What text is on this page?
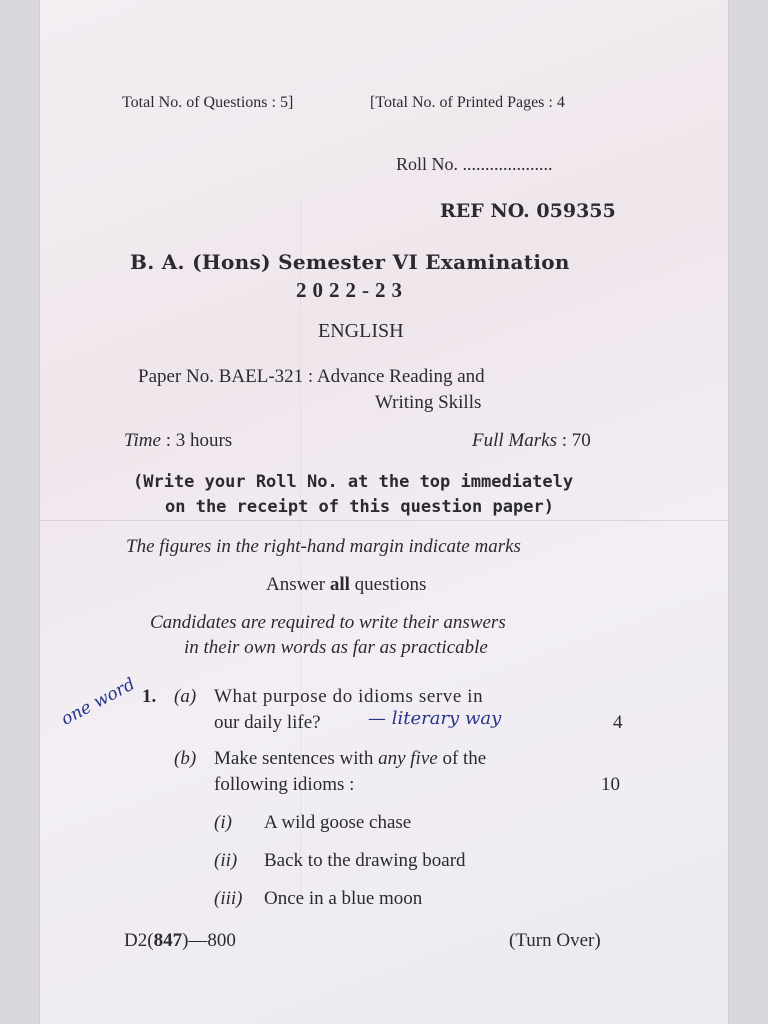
Total No. of Questions : 5]	[Total No. of Printed Pages : 4
Roll No. ....................
REF NO. 059355
B. A. (Hons) Semester VI Examination
2022-23
ENGLISH
Paper No. BAEL-321 : Advance Reading and
Writing Skills
Time : 3 hours	Full Marks : 70
(Write your Roll No. at the top immediately
on the receipt of this question paper)
The figures in the right-hand margin indicate marks
Answer all questions
Candidates are required to write their answers
in their own words as far as practicable
1. (a) What purpose do idioms serve in
our daily life?	4
(b) Make sentences with any five of the
following idioms :	10
(i) A wild goose chase
(ii) Back to the drawing board
(iii) Once in a blue moon
one word	— literary way
D2(847)—800	(Turn Over)
